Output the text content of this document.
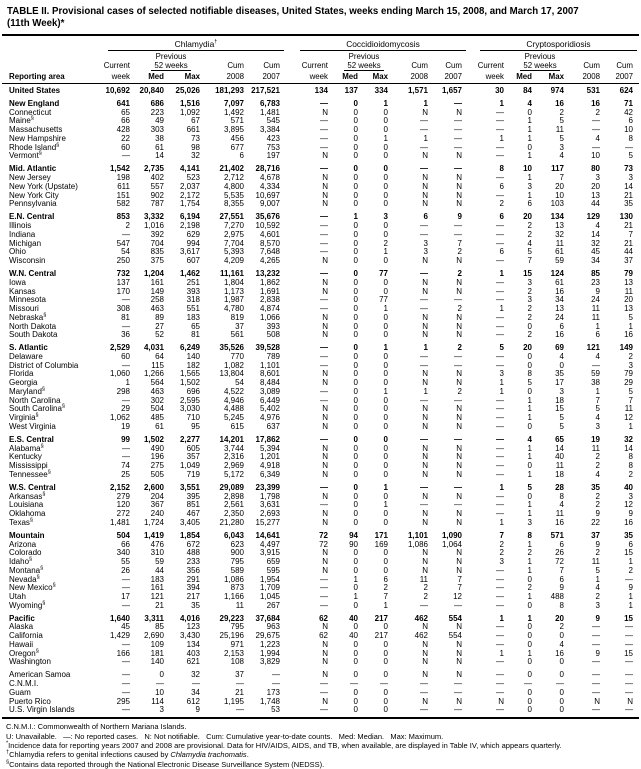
TABLE II. Provisional cases of selected notifiable diseases, United States, weeks ending March 15, 2008, and March 17, 2007
(11th Week)*
Chlamydia†	Coccidioidomycosis	Cryptosporidiosis
Previous	Previous	Previous
Current	52 weeks	Cum	Cum	Current	52 weeks	Cum	Cum	Current	52 weeks	Cum	Cum
Reporting area	week	Med	Max	2008	2007	week	Med	Max	2008	2007	week	Med	Max	2008	2007
United States	10,692	20,840	25,026	181,293 217,521	134	137	334	1,571	1,657	30	84	974	531	624
New England	641	686	1,516	7,097	6,783	—	0	1	1	—	1	4	16	16	71
Connecticut	65	223	1,092	1,492	1,481	N	0	0	N	N	—	0	2	2	42
Maine§	66	49	67	571	545	—	0	0	—	—	—	1	5	—	6
Massachusetts	428	303	661	3,895	3,384	—	0	0	—	—	—	1	11	—	10
New Hampshire	22	38	73	456	423	—	0	1	1	—	1	1	5	4	8
Rhode Island§	60	61	98	677	753	—	0	0	—	—	—	0	3	—	—
Vermont§	—	14	32	6	197	N	0	0	N	N	—	1	4	10	5
Mid. Atlantic	1,542	2,735	4,141	21,402	28,716	—	0	0	—	—	8	10	117	80	73
New Jersey	198	402	523	2,712	4,678	N	0	0	N	N	—	1	7	3	3
New York (Upstate)	611	557	2,037	4,800	4,334	N	0	0	N	N	6	3	20	20	14
New York City	151	902	2,172	5,535	10,697	N	0	0	N	N	—	1	10	13	21
Pennsylvania	582	787	1,754	8,355	9,007	N	0	0	N	N	2	6	103	44	35
E.N. Central	853	3,332	6,194	27,551	35,676	—	1	3	6	9	6	20	134	129	130
Illinois	2	1,016	2,198	7,270	10,592	—	0	0	—	—	—	2	13	4	21
Indiana	—	392	629	2,975	4,601	—	0	0	—	—	—	2	32	14	7
Michigan	547	704	994	7,704	8,570	—	0	2	3	7	—	4	11	32	21
Ohio	54	835	3,617	5,393	7,648	—	0	1	3	2	6	5	61	45	44
Wisconsin	250	375	607	4,209	4,265	N	0	0	N	N	—	7	59	34	37
W.N. Central	732	1,204	1,462	11,161	13,232	—	0	77	—	2	1	15	124	85	79
Iowa	137	161	251	1,804	1,862	N	0	0	N	N	—	3	61	23	13
Kansas	170	149	393	1,173	1,691	N	0	0	N	N	—	2	16	9	11
Minnesota	—	258	318	1,987	2,838	—	0	77	—	—	—	3	34	24	20
Missouri	308	463	551	4,780	4,874	—	0	1	—	2	1	2	13	11	13
Nebraska§	81	89	183	819	1,066	N	0	0	N	N	—	2	24	11	5
North Dakota	—	27	65	37	393	N	0	0	N	N	—	0	6	1	1
South Dakota	36	52	81	561	508	N	0	0	N	N	—	2	16	6	16
S. Atlantic	2,529	4,031	6,249	35,526	39,528	—	0	1	1	2	5	20	69	121	149
Delaware	60	64	140	770	789	—	0	0	—	—	—	0	4	4	2
District of Columbia	—	115	182	1,082	1,101	—	0	0	—	—	—	0	0	—	3
Florida	1,060	1,266	1,565	13,804	8,601	N	0	0	N	N	3	8	35	59	79
Georgia	1	564	1,502	54	8,484	N	0	0	N	N	1	5	17	38	29
Maryland§	298	463	696	4,522	3,089	—	0	1	1	2	1	0	3	1	5
North Carolina	—	302	2,595	4,946	6,449	—	0	0	—	—	—	1	18	7	7
South Carolina§	29	504	3,030	4,488	5,402	N	0	0	N	N	—	1	15	5	11
Virginia§	1,062	485	710	5,245	4,976	N	0	0	N	N	—	1	5	4	12
West Virginia	19	61	95	615	637	N	0	0	N	N	—	0	5	3	1
E.S. Central	99	1,502	2,277	14,201	17,862	—	0	0	—	—	—	4	65	19	32
Alabama§	—	490	605	3,744	5,394	N	0	0	N	N	—	1	14	11	14
Kentucky	—	196	357	2,316	1,201	N	0	0	N	N	—	1	40	2	8
Mississippi	74	275	1,049	2,969	4,918	N	0	0	N	N	—	0	11	2	8
Tennessee§	25	505	719	5,172	6,349	N	0	0	N	N	—	1	18	4	2
W.S. Central	2,152	2,600	3,551	29,089	23,399	—	0	1	—	—	1	5	28	35	40
Arkansas§	279	204	395	2,898	1,798	N	0	0	N	N	—	0	8	2	3
Louisiana	120	367	851	2,561	3,631	—	0	1	—	—	—	1	4	2	12
Oklahoma	272	240	467	2,350	2,693	N	0	0	N	N	—	1	11	9	9
Texas§	1,481	1,724	3,405	21,280	15,277	N	0	0	N	N	1	3	16	22	16
Mountain	504	1,419	1,854	6,043	14,641	72	94	171	1,101	1,090	7	8	571	37	35
Arizona	66	476	672	623	4,497	72	90	169	1,086	1,064	2	1	6	9	6
Colorado	340	310	488	900	3,915	N	0	0	N	N	2	2	26	2	15
Idaho§	55	59	233	795	659	N	0	0	N	N	3	1	72	11	1
Montana§	26	44	356	589	595	N	0	0	N	N	—	1	7	5	2
Nevada§	—	183	291	1,086	1,954	—	1	6	11	7	—	0	6	1	—
New Mexico§	—	161	394	873	1,709	—	0	2	2	7	—	2	9	4	9
Utah	17	121	217	1,166	1,045	—	1	7	2	12	—	1	488	2	1
Wyoming§	—	21	35	11	267	—	0	1	—	—	—	0	8	3	1
Pacific	1,640	3,311	4,016	29,223	37,684	62	40	217	462	554	1	1	20	9	15
Alaska	45	85	123	795	963	N	0	0	N	N	—	0	2	—	—
California	1,429	2,690	3,430	25,196	29,675	62	40	217	462	554	—	0	0	—	—
Hawaii	—	109	134	971	1,223	N	0	0	N	N	—	0	4	—	—
Oregon§	166	181	403	2,153	1,994	N	0	0	N	N	1	1	16	9	15
Washington	—	140	621	108	3,829	N	0	0	N	N	—	0	0	—	—
American Samoa	—	0	32	37	—	N	0	0	N	N	—	0	0	—	—
C.N.M.I.	—	—	—	—	—	—	—	—	—	—	—	—	—	—	—
Guam	—	10	34	21	173	—	0	0	—	—	—	0	0	—	—
Puerto Rico	295	114	612	1,195	1,748	N	0	0	N	N	N	0	0	N	N
U.S. Virgin Islands	—	3	9	—	53	—	0	0	—	—	—	0	0	—	—
C.N.M.I.: Commonwealth of Northern Mariana Islands.
U: Unavailable.   —: No reported cases.   N: Not notifiable.   Cum: Cumulative year-to-date counts.   Med: Median.   Max: Maximum.
*Incidence data for reporting years 2007 and 2008 are provisional. Data for HIV/AIDS, AIDS, and TB, when available, are displayed in Table IV, which appears quarterly.
†Chlamydia refers to genital infections caused by Chlamydia trachomatis.
§Contains data reported through the National Electronic Disease Surveillance System (NEDSS).
